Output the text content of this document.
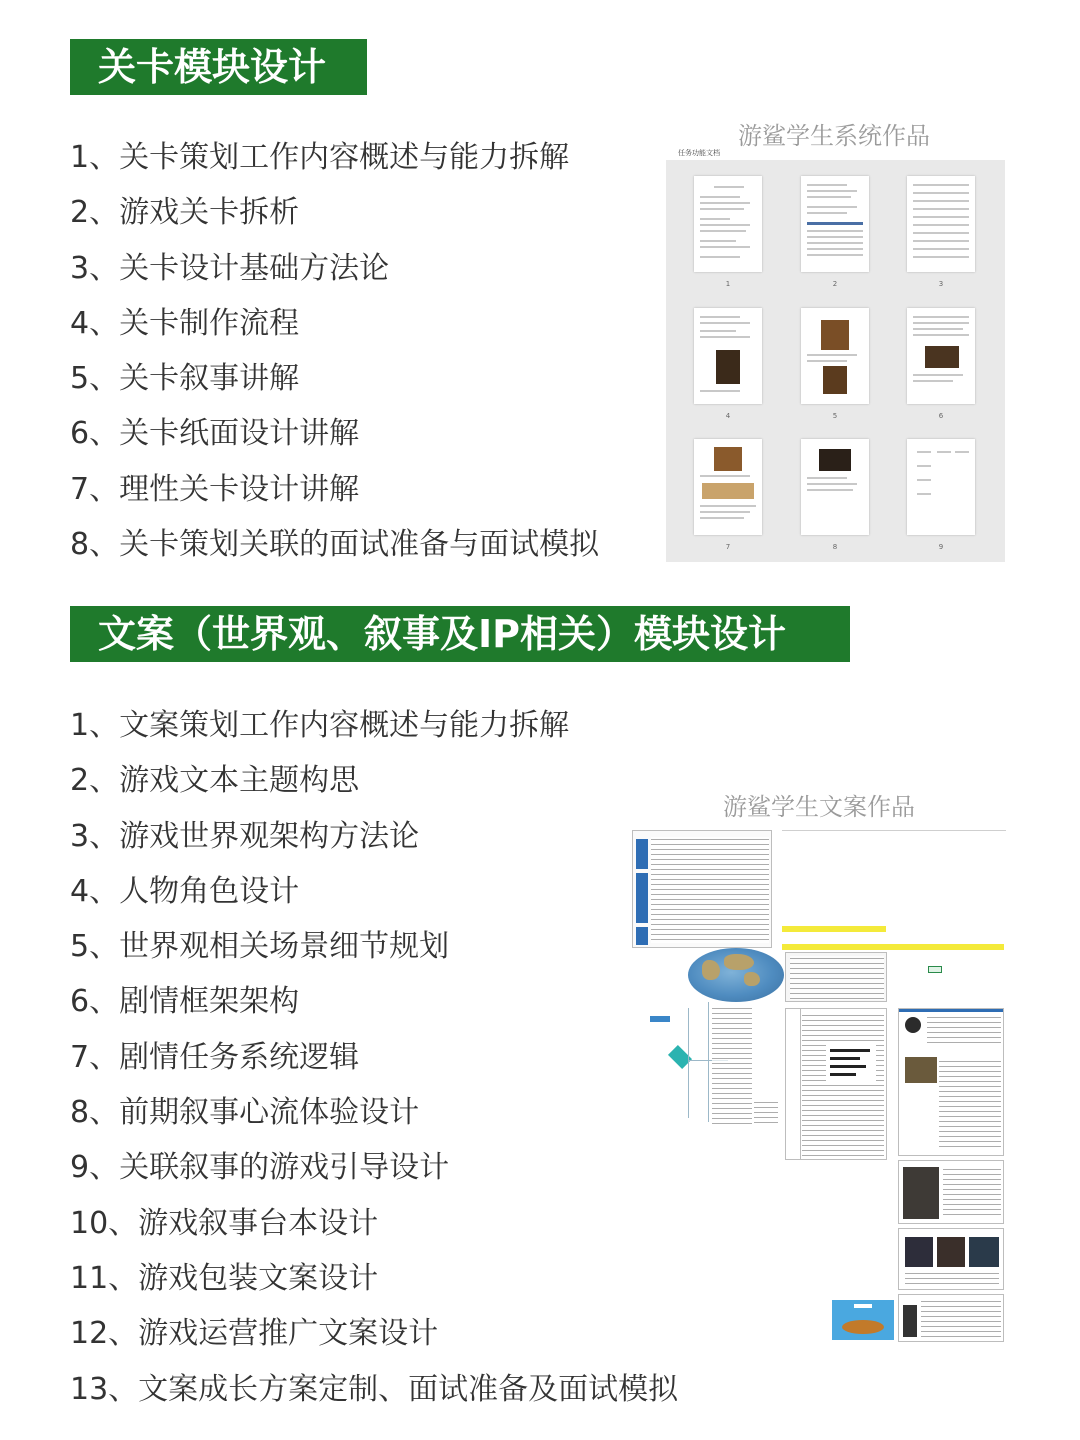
关卡模块设计
1、关卡策划工作内容概述与能力拆解
2、游戏关卡拆析
3、关卡设计基础方法论
4、关卡制作流程
5、关卡叙事讲解
6、关卡纸面设计讲解
7、理性关卡设计讲解
8、关卡策划关联的面试准备与面试模拟
游鲨学生系统作品
任务功能文档
1	2	3
4	5	6
7	8	9
文案（世界观、叙事及IP相关）模块设计
1、文案策划工作内容概述与能力拆解
2、游戏文本主题构思
3、游戏世界观架构方法论
4、人物角色设计
5、世界观相关场景细节规划
6、剧情框架架构
7、剧情任务系统逻辑
8、前期叙事心流体验设计
9、关联叙事的游戏引导设计
10、游戏叙事台本设计
11、游戏包装文案设计
12、游戏运营推广文案设计
13、文案成长方案定制、面试准备及面试模拟
游鲨学生文案作品
